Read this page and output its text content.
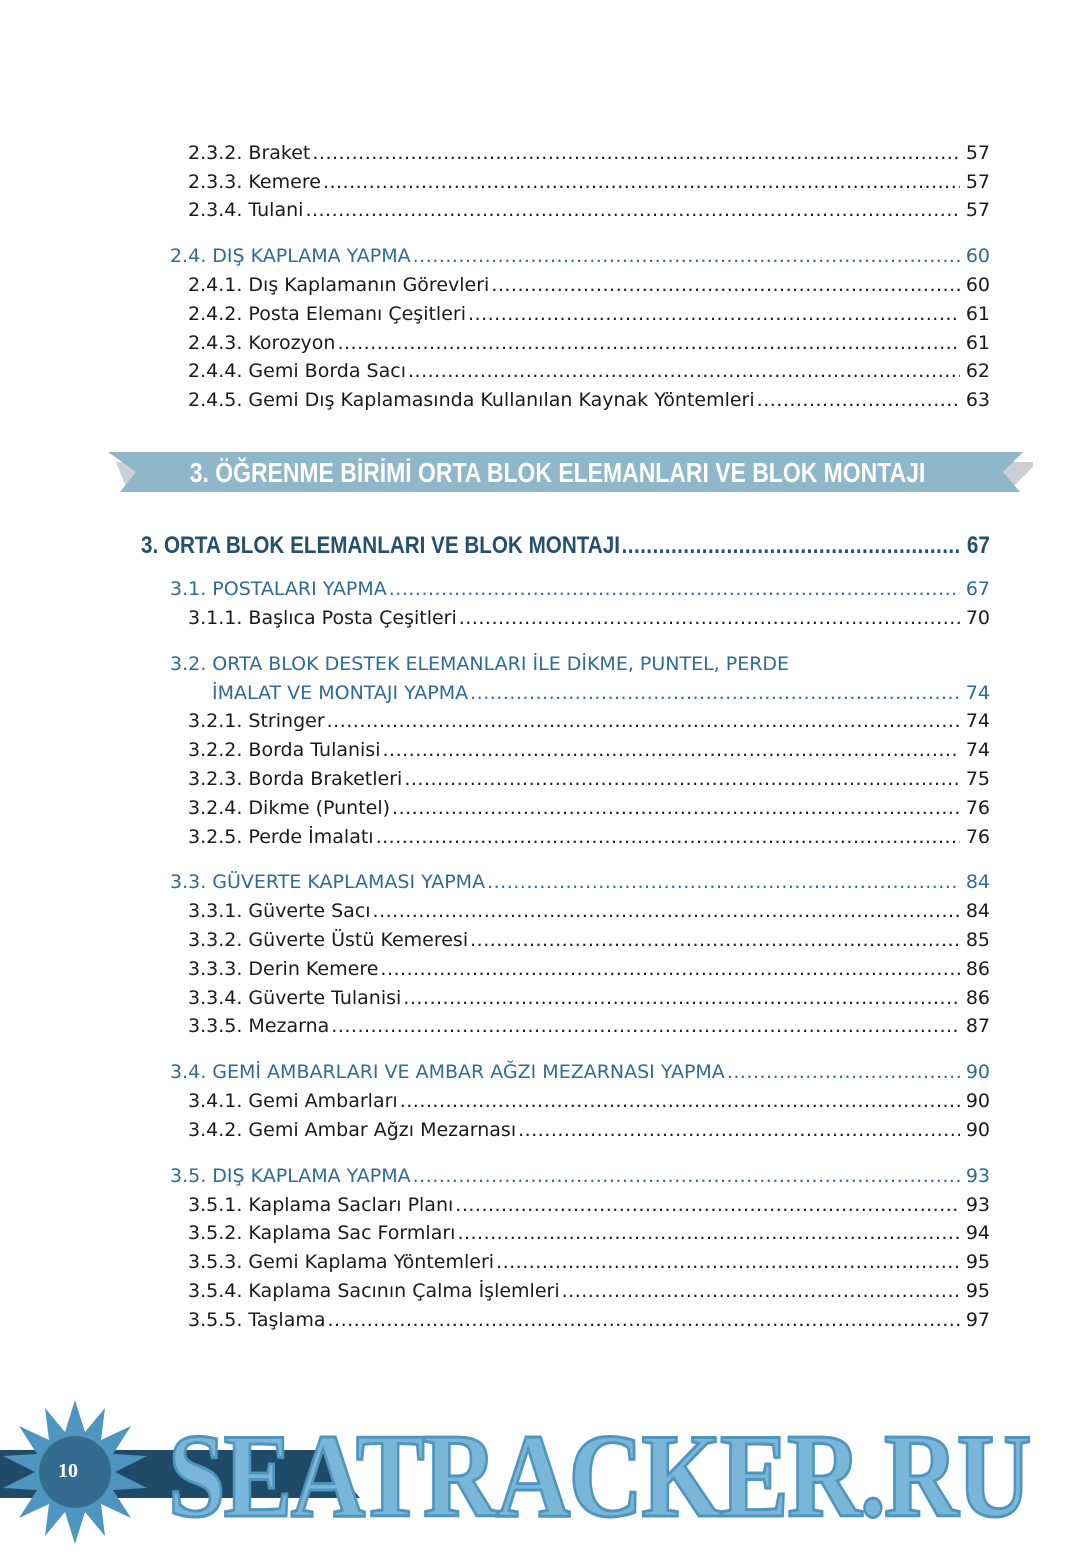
2.3.2. Braket .....	57
2.3.3. Kemere .....	57
2.3.4. Tulani .....	57
2.4. DIŞ KAPLAMA YAPMA .....	60
2.4.1. Dış Kaplamanın Görevleri .....	60
2.4.2. Posta Elemanı Çeşitleri .....	61
2.4.3. Korozyon .....	61
2.4.4. Gemi Borda Sacı .....	62
2.4.5. Gemi Dış Kaplamasında Kullanılan Kaynak Yöntemleri .....	63
3. ÖĞRENME BİRİMİ ORTA BLOK ELEMANLARI VE BLOK MONTAJI
3. ORTA BLOK ELEMANLARI VE BLOK MONTAJI .....	67
3.1. POSTALARI YAPMA .....	67
3.1.1. Başlıca Posta Çeşitleri .....	70
3.2. ORTA BLOK DESTEK ELEMANLARI İLE DİKME, PUNTEL, PERDE
İMALAT VE MONTAJI YAPMA .....	74
3.2.1. Stringer .....	74
3.2.2. Borda Tulanisi .....	74
3.2.3. Borda Braketleri .....	75
3.2.4. Dikme (Puntel) .....	76
3.2.5. Perde İmalatı .....	76
3.3. GÜVERTE KAPLAMASI YAPMA .....	84
3.3.1. Güverte Sacı .....	84
3.3.2. Güverte Üstü Kemeresi .....	85
3.3.3. Derin Kemere .....	86
3.3.4. Güverte Tulanisi .....	86
3.3.5. Mezarna .....	87
3.4. GEMİ AMBARLARI VE AMBAR AĞZI MEZARNASI YAPMA .....	90
3.4.1. Gemi Ambarları .....	90
3.4.2. Gemi Ambar Ağzı Mezarnası .....	90
3.5. DIŞ KAPLAMA YAPMA .....	93
3.5.1. Kaplama Sacları Planı .....	93
3.5.2. Kaplama Sac Formları .....	94
3.5.3. Gemi Kaplama Yöntemleri .....	95
3.5.4. Kaplama Sacının Çalma İşlemleri .....	95
3.5.5. Taşlama .....	97
10 SEATRACKER.RU
